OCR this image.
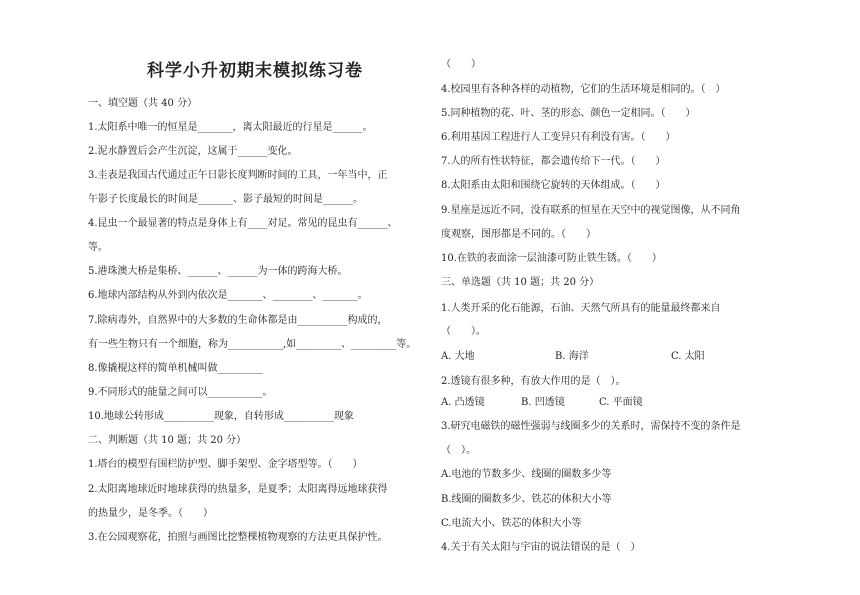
科学小升初期末模拟练习卷
一、填空题（共 40 分）
1.太阳系中唯一的恒星是_______，离太阳最近的行星是______。
2.泥水静置后会产生沉淀，这属于______变化。
3.圭表是我国古代通过正午日影长度判断时间的工具，一年当中，正
午影子长度最长的时间是_______、影子最短的时间是______。
4.昆虫一个最显著的特点是身体上有____对足。常见的昆虫有______、
等。
5.港珠澳大桥是集桥、______、______为一体的跨海大桥。
6.地球内部结构从外到内依次是_______、________、_______。
7.除病毒外，自然界中的大多数的生命体都是由__________构成的，
有一些生物只有一个细胞，称为___________,如_________、_________等。
8.像撬棍这样的简单机械叫做_________
9.不同形式的能量之间可以___________。
10.地球公转形成__________现象，自转形成__________现象
二、判断题（共 10 题；共 20 分）
1.塔台的模型有围栏防护型、脚手架型、金字塔型等。（　　）
2.太阳离地球近时地球获得的热量多，是夏季；太阳离得远地球获得
的热量少，是冬季。（　　）
3.在公园观察花，拍照与画图比挖整棵植物观察的方法更具保护性。
（　　）
4.校园里有各种各样的动植物，它们的生活环境是相同的。（　）
5.同种植物的花、叶、茎的形态、颜色一定相同。（　　）
6.利用基因工程进行人工变异只有利没有害。（　　）
7.人的所有性状特征，都会遗传给下一代。（　　）
8.太阳系由太阳和围绕它旋转的天体组成。（　　）
9.星座是远近不同，没有联系的恒星在天空中的视觉图像，从不同角
度观察，图形都是不同的。（　　）
10.在铁的表面涂一层油漆可防止铁生锈。（　　）
三、单选题（共 10 题；共 20 分）
1.人类开采的化石能源，石油、天然气所具有的能量最终都来自
（　　）。
A. 大地	B. 海洋	C. 太阳
2.透镜有很多种，有放大作用的是（　）。
A. 凸透镜	B. 凹透镜	C. 平面镜
3.研究电磁铁的磁性强弱与线圈多少的关系时，需保持不变的条件是
（　）。
A.电池的节数多少、线圈的圈数多少等
B.线圈的圈数多少、铁芯的体积大小等
C.电流大小、铁芯的体积大小等
4.关于有关太阳与宇宙的说法错误的是（　）
